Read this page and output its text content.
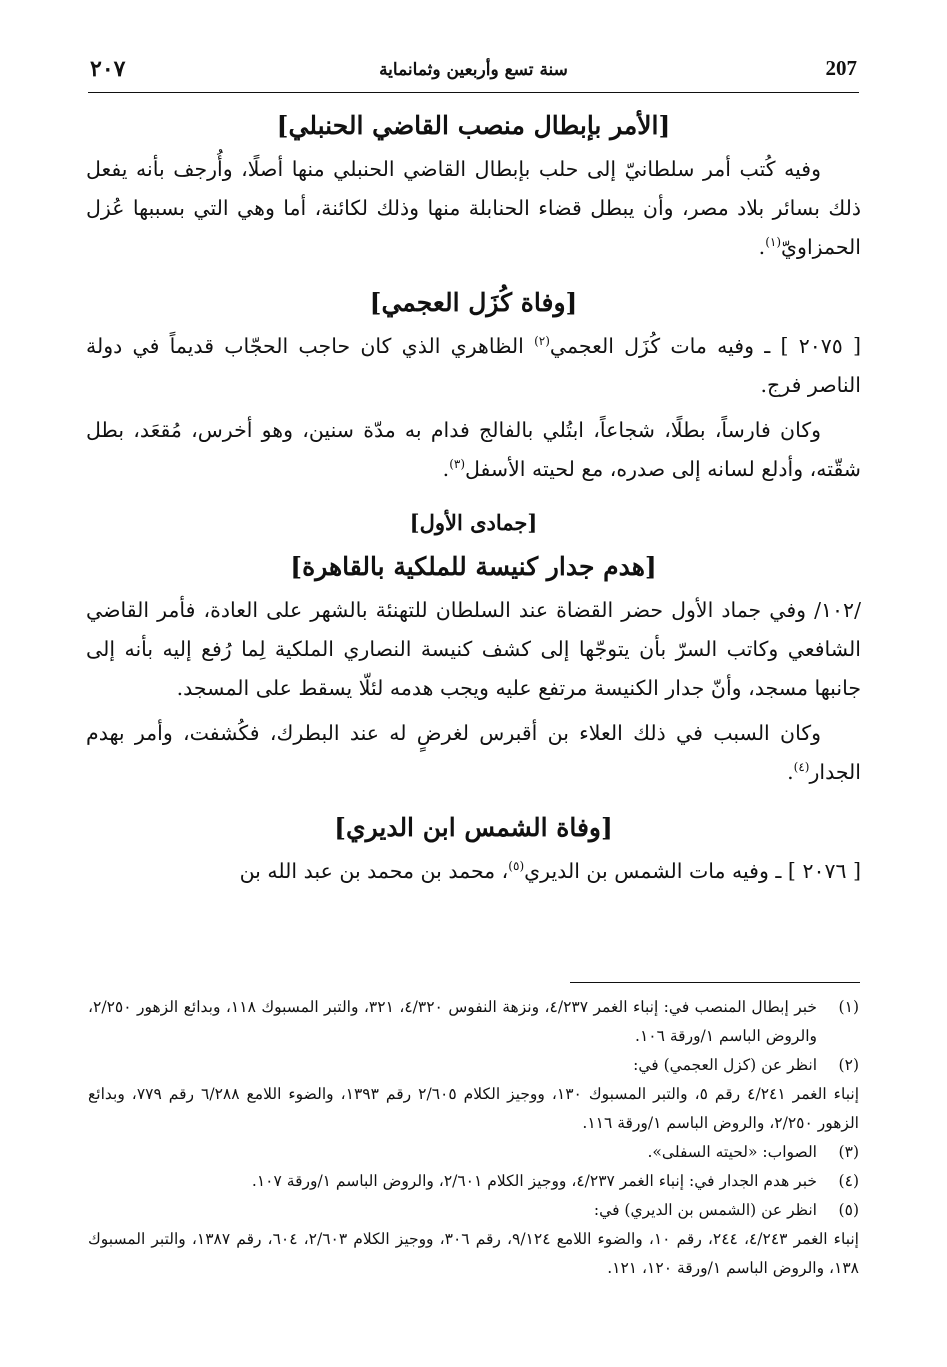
٢٠٧	سنة تسع وأربعين وثمانماية	207
[الأمر بإبطال منصب القاضي الحنبلي]

وفيه كُتب أمر سلطانيّ إلى حلب بإبطال القاضي الحنبلي منها أصلًا، وأُرجف بأنه يفعل ذلك بسائر بلاد مصر، وأن يبطل قضاء الحنابلة منها وذلك لكائنة، أما وهي التي بسببها عُزل الحمزاويّ$^{(١)}$.

[وفاة كُزَل العجمي]

[ ٢٠٧٥ ] ـ وفيه مات كُزَل العجمي$^{(٢)}$ الظاهري الذي كان حاجب الحجّاب قديماً في دولة الناصر فرج.

وكان فارساً، بطلًا، شجاعاً، ابتُلي بالفالج فدام به مدّة سنين، وهو أخرس، مُقعَد، بطل شقّته، وأدلع لسانه إلى صدره، مع لحيته الأسفل$^{(٣)}$.

[جمادى الأول]
[هدم جدار كنيسة للملكية بالقاهرة]

/١٠٢/ وفي جماد الأول حضر القضاة عند السلطان للتهنئة بالشهر على العادة، فأمر القاضي الشافعي وكاتب السرّ بأن يتوجّها إلى كشف كنيسة النصاري الملكية لِما رُفع إليه بأنه إلى جانبها مسجد، وأنّ جدار الكنيسة مرتفع عليه ويجب هدمه لئلّا يسقط على المسجد.

وكان السبب في ذلك العلاء بن أقبرس لغرضٍ له عند البطرك، فكُشفت، وأمر بهدم الجدار$^{(٤)}$.

[وفاة الشمس ابن الديري]

[ ٢٠٧٦ ] ـ وفيه مات الشمس بن الديري$^{(٥)}$، محمد بن محمد بن عبد الله بن

(١)
خبر إبطال المنصب في: إنباء الغمر ٤/٢٣٧، ونزهة النفوس ٤/٣٢٠، ٣٢١، والتبر المسبوك ١١٨، وبدائع الزهور ٢/٢٥٠، والروض الباسم ١/ورقة ١٠٦.
(٢)
انظر عن (كزل العجمي) في:
إنباء الغمر ٤/٢٤١ رقم ٥، والتبر المسبوك ١٣٠، ووجيز الكلام ٢/٦٠٥ رقم ١٣٩٣، والضوء اللامع ٦/٢٨٨ رقم ٧٧٩، وبدائع الزهور ٢/٢٥٠، والروض الباسم ١/ورقة ١١٦.
(٣)
الصواب: «لحيته السفلى».
(٤)
خبر هدم الجدار في: إنباء الغمر ٤/٢٣٧، ووجيز الكلام ٢/٦٠١، والروض الباسم ١/ورقة ١٠٧.
(٥)
انظر عن (الشمس بن الديري) في:
إنباء الغمر ٤/٢٤٣، ٢٤٤، رقم ١٠، والضوء اللامع ٩/١٢٤، رقم ٣٠٦، ووجيز الكلام ٢/٦٠٣، ٦٠٤، رقم ١٣٨٧، والتبر المسبوك ١٣٨، والروض الباسم ١/ورقة ١٢٠، ١٢١.
